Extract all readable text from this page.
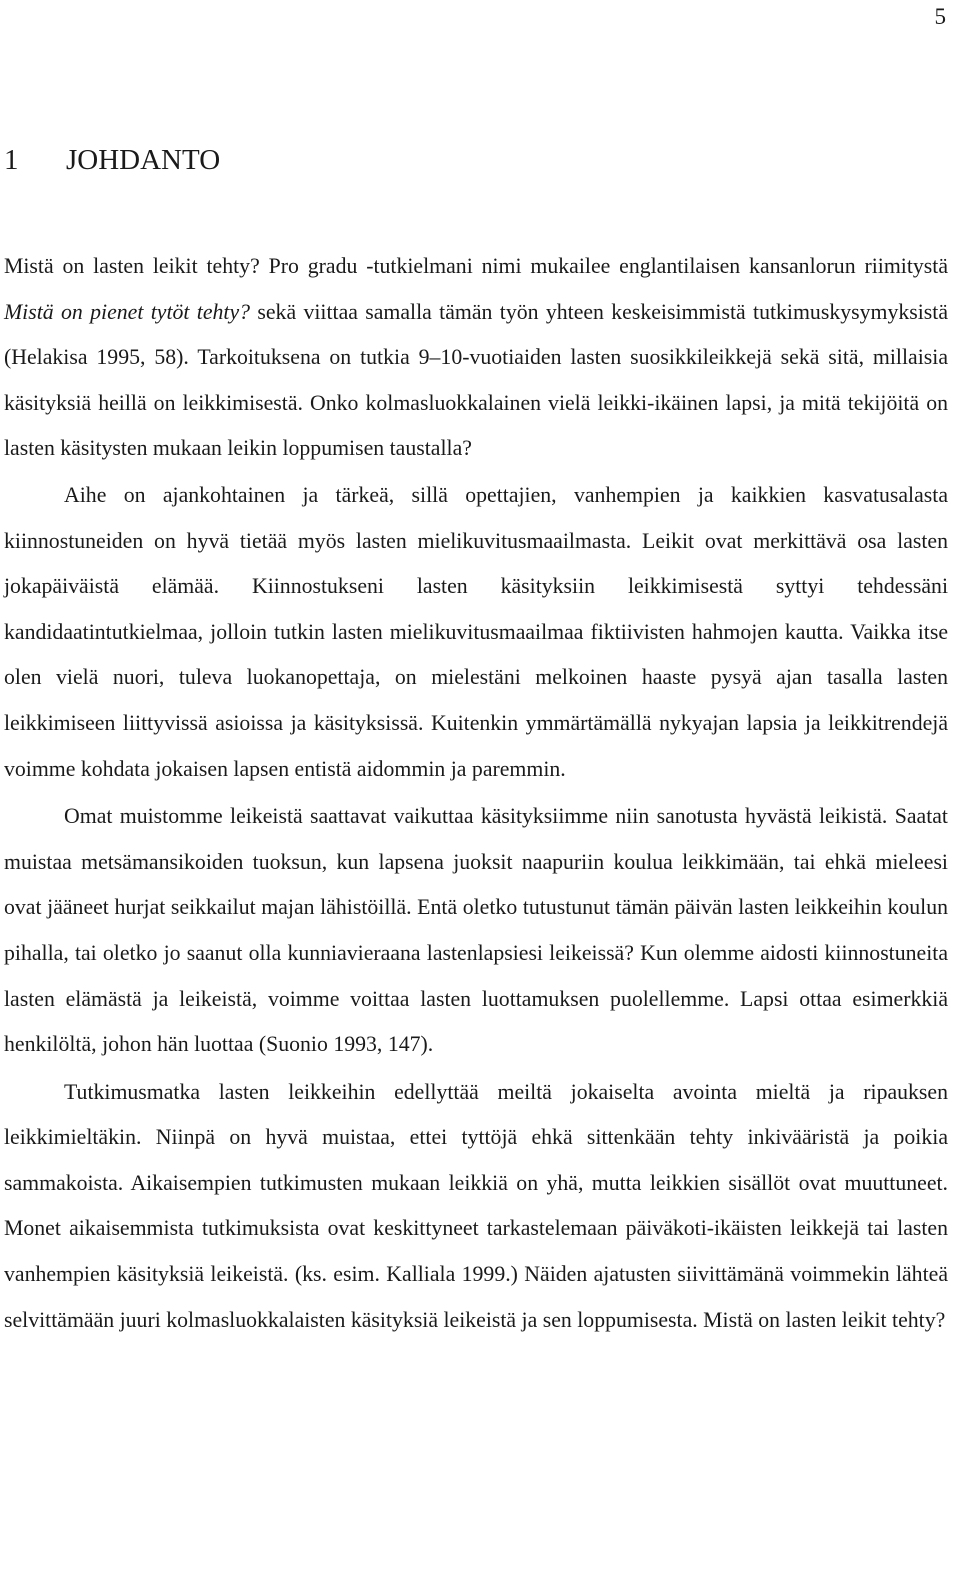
5
1 JOHDANTO

Mistä on lasten leikit tehty? Pro gradu -tutkielmani nimi mukailee englantilaisen kansanlorun riimitystä Mistä on pienet tytöt tehty? sekä viittaa samalla tämän työn yhteen keskeisimmistä tutkimuskysymyksistä (Helakisa 1995, 58). Tarkoituksena on tutkia 9–10-vuotiaiden lasten suosikkileikkejä sekä sitä, millaisia käsityksiä heillä on leikkimisestä. Onko kolmasluokkalainen vielä leikki-ikäinen lapsi, ja mitä tekijöitä on lasten käsitysten mukaan leikin loppumisen taustalla?

Aihe on ajankohtainen ja tärkeä, sillä opettajien, vanhempien ja kaikkien kasvatusalasta kiinnostuneiden on hyvä tietää myös lasten mielikuvitusmaailmasta. Leikit ovat merkittävä osa lasten jokapäiväistä elämää. Kiinnostukseni lasten käsityksiin leikkimisestä syttyi tehdessäni kandidaatintutkielmaa, jolloin tutkin lasten mielikuvitusmaailmaa fiktiivisten hahmojen kautta. Vaikka itse olen vielä nuori, tuleva luokanopettaja, on mielestäni melkoinen haaste pysyä ajan tasalla lasten leikkimiseen liittyvissä asioissa ja käsityksissä. Kuitenkin ymmärtämällä nykyajan lapsia ja leikkitrendejä voimme kohdata jokaisen lapsen entistä aidommin ja paremmin.

Omat muistomme leikeistä saattavat vaikuttaa käsityksiimme niin sanotusta hyvästä leikistä. Saatat muistaa metsämansikoiden tuoksun, kun lapsena juoksit naapuriin koulua leikkimään, tai ehkä mieleesi ovat jääneet hurjat seikkailut majan lähistöillä. Entä oletko tutustunut tämän päivän lasten leikkeihin koulun pihalla, tai oletko jo saanut olla kunniavieraana lastenlapsiesi leikeissä? Kun olemme aidosti kiinnostuneita lasten elämästä ja leikeistä, voimme voittaa lasten luottamuksen puolellemme. Lapsi ottaa esimerkkiä henkilöltä, johon hän luottaa (Suonio 1993, 147).

Tutkimusmatka lasten leikkeihin edellyttää meiltä jokaiselta avointa mieltä ja ripauksen leikkimieltäkin. Niinpä on hyvä muistaa, ettei tyttöjä ehkä sittenkään tehty inkivääristä ja poikia sammakoista. Aikaisempien tutkimusten mukaan leikkiä on yhä, mutta leikkien sisällöt ovat muuttuneet. Monet aikaisemmista tutkimuksista ovat keskittyneet tarkastelemaan päiväkoti-ikäisten leikkejä tai lasten vanhempien käsityksiä leikeistä. (ks. esim. Kalliala 1999.) Näiden ajatusten siivittämänä voimmekin lähteä selvittämään juuri kolmasluokkalaisten käsityksiä leikeistä ja sen loppumisesta. Mistä on lasten leikit tehty?
